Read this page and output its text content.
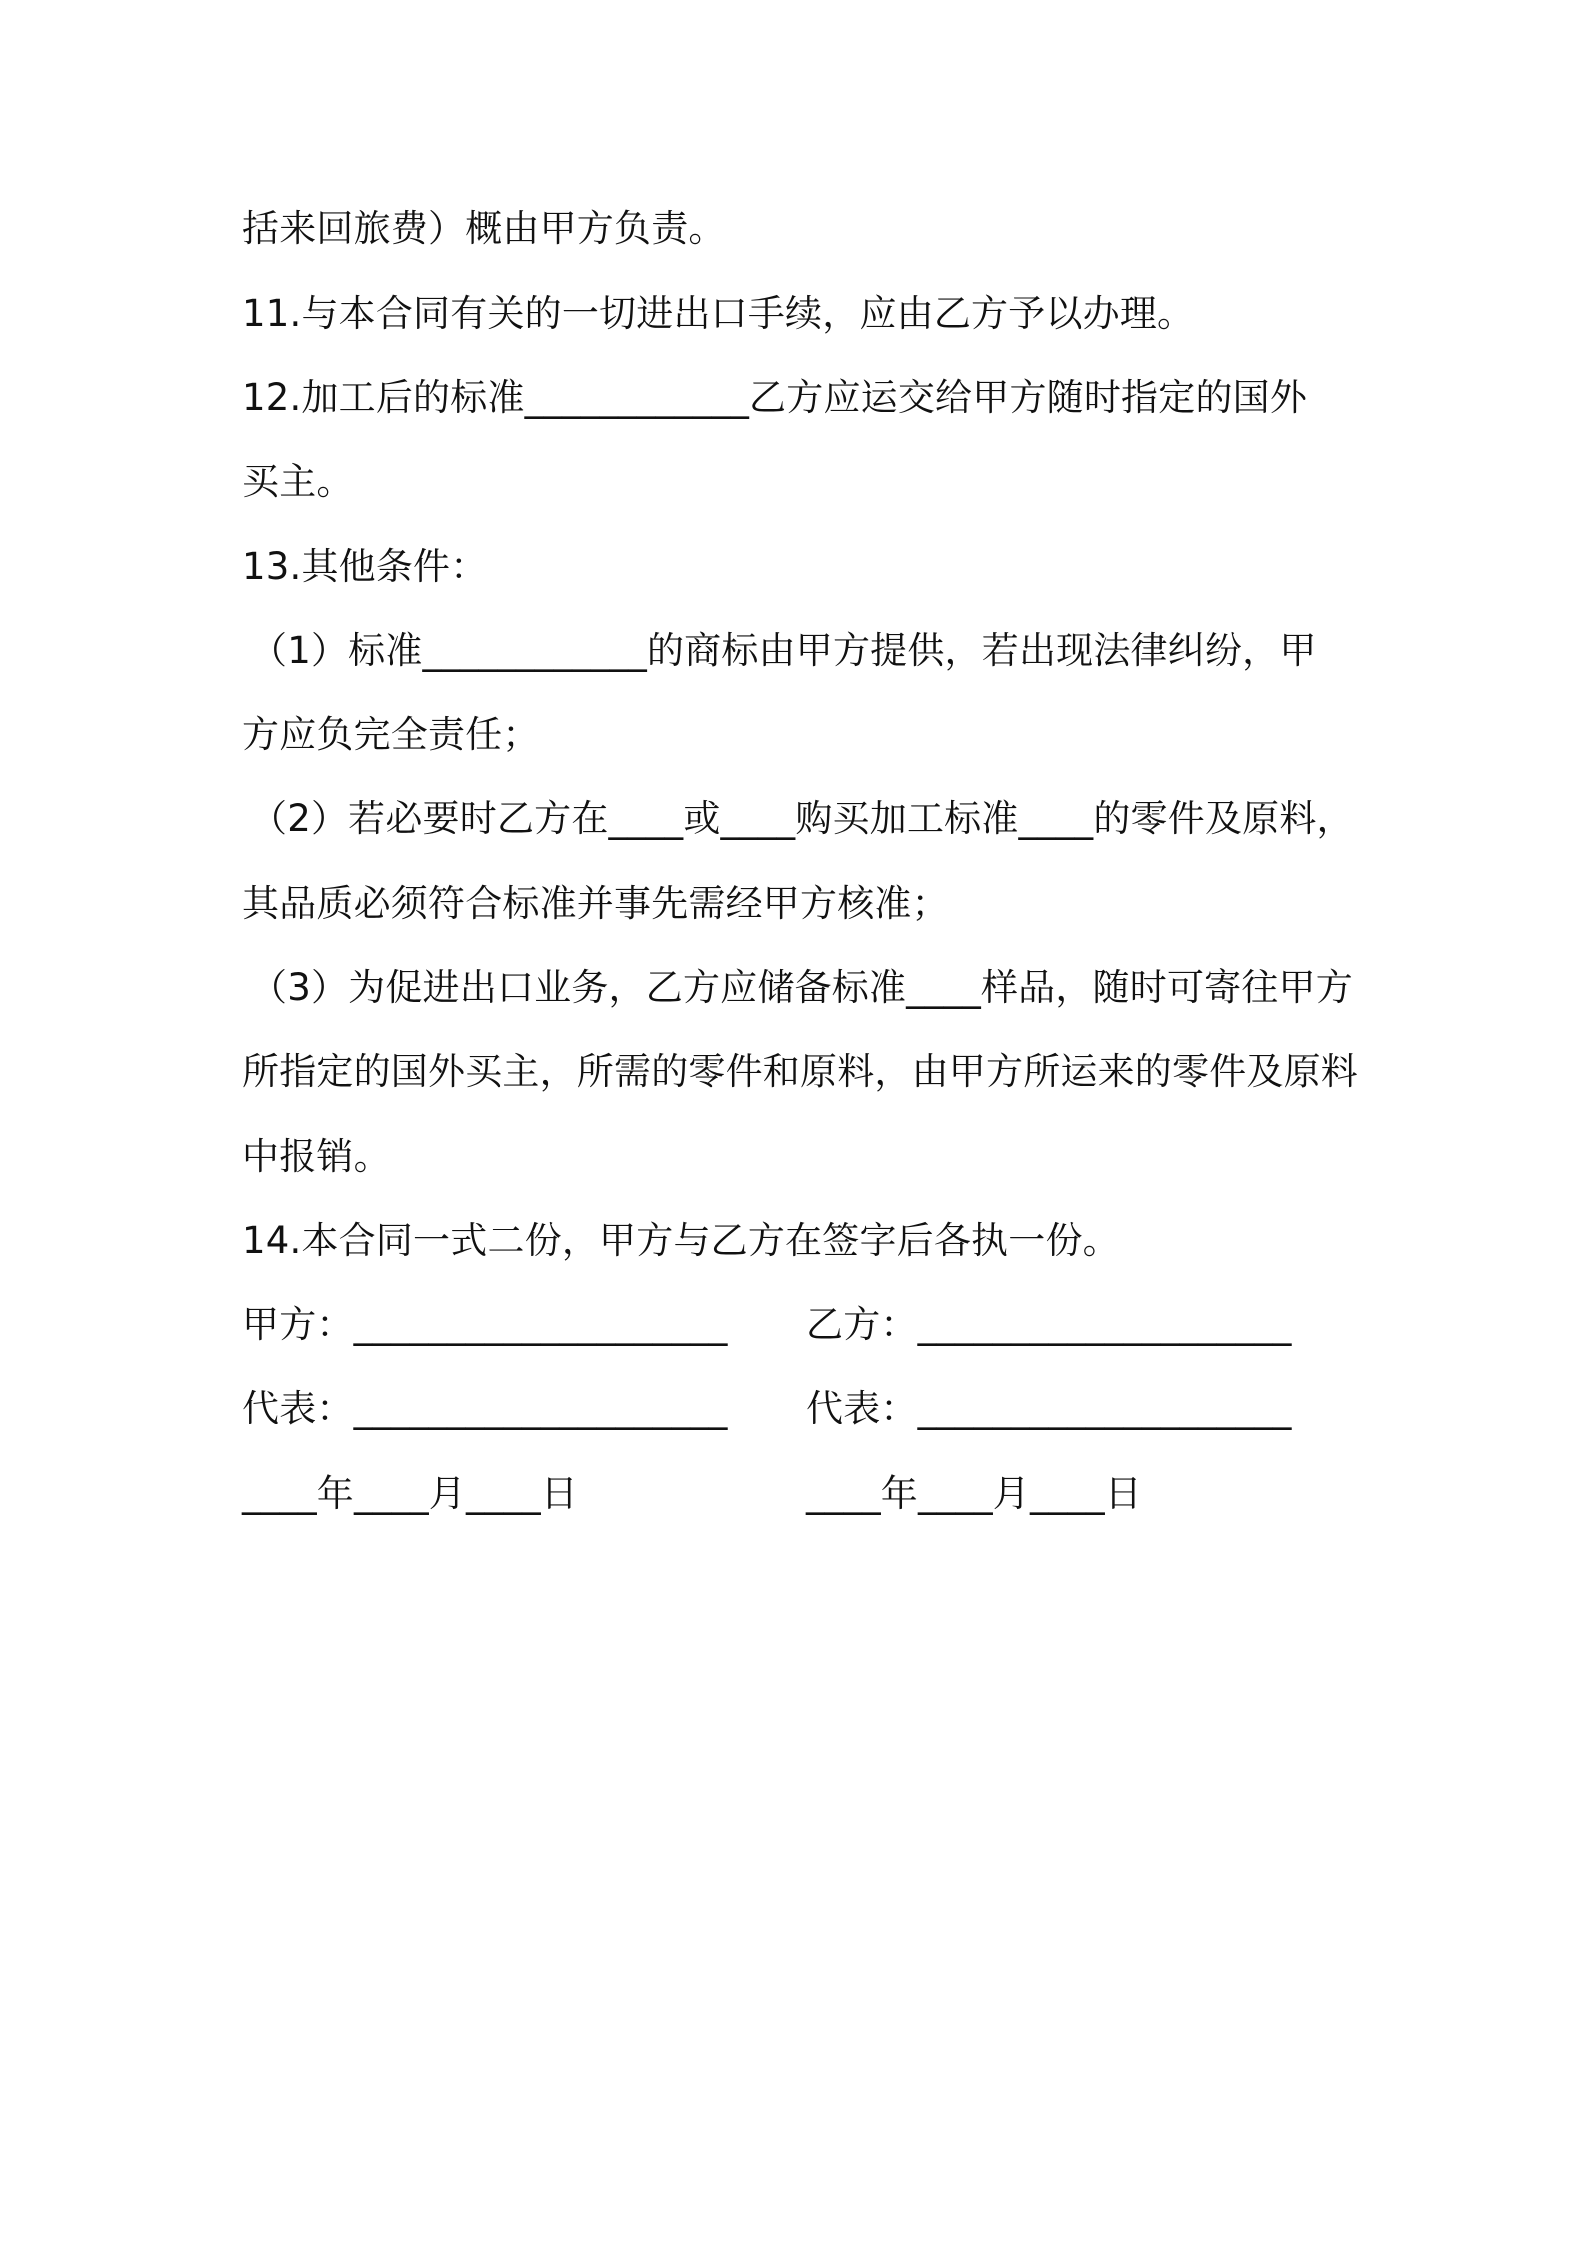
括来回旅费）概由甲方负责。
11.与本合同有关的一切进出口手续，应由乙方予以办理。
12.加工后的标准____________乙方应运交给甲方随时指定的国外
买主。
13.其他条件：
（1）标准____________的商标由甲方提供，若出现法律纠纷，甲
方应负完全责任；
（2）若必要时乙方在____或____购买加工标准____的零件及原料，
其品质必须符合标准并事先需经甲方核准；
（3）为促进出口业务，乙方应储备标准____样品，随时可寄往甲方
所指定的国外买主，所需的零件和原料，由甲方所运来的零件及原料
中报销。
14.本合同一式二份，甲方与乙方在签字后各执一份。
甲方：____________________ 乙方：____________________
代表：____________________ 代表：____________________
____年____月____日	____年____月____日
